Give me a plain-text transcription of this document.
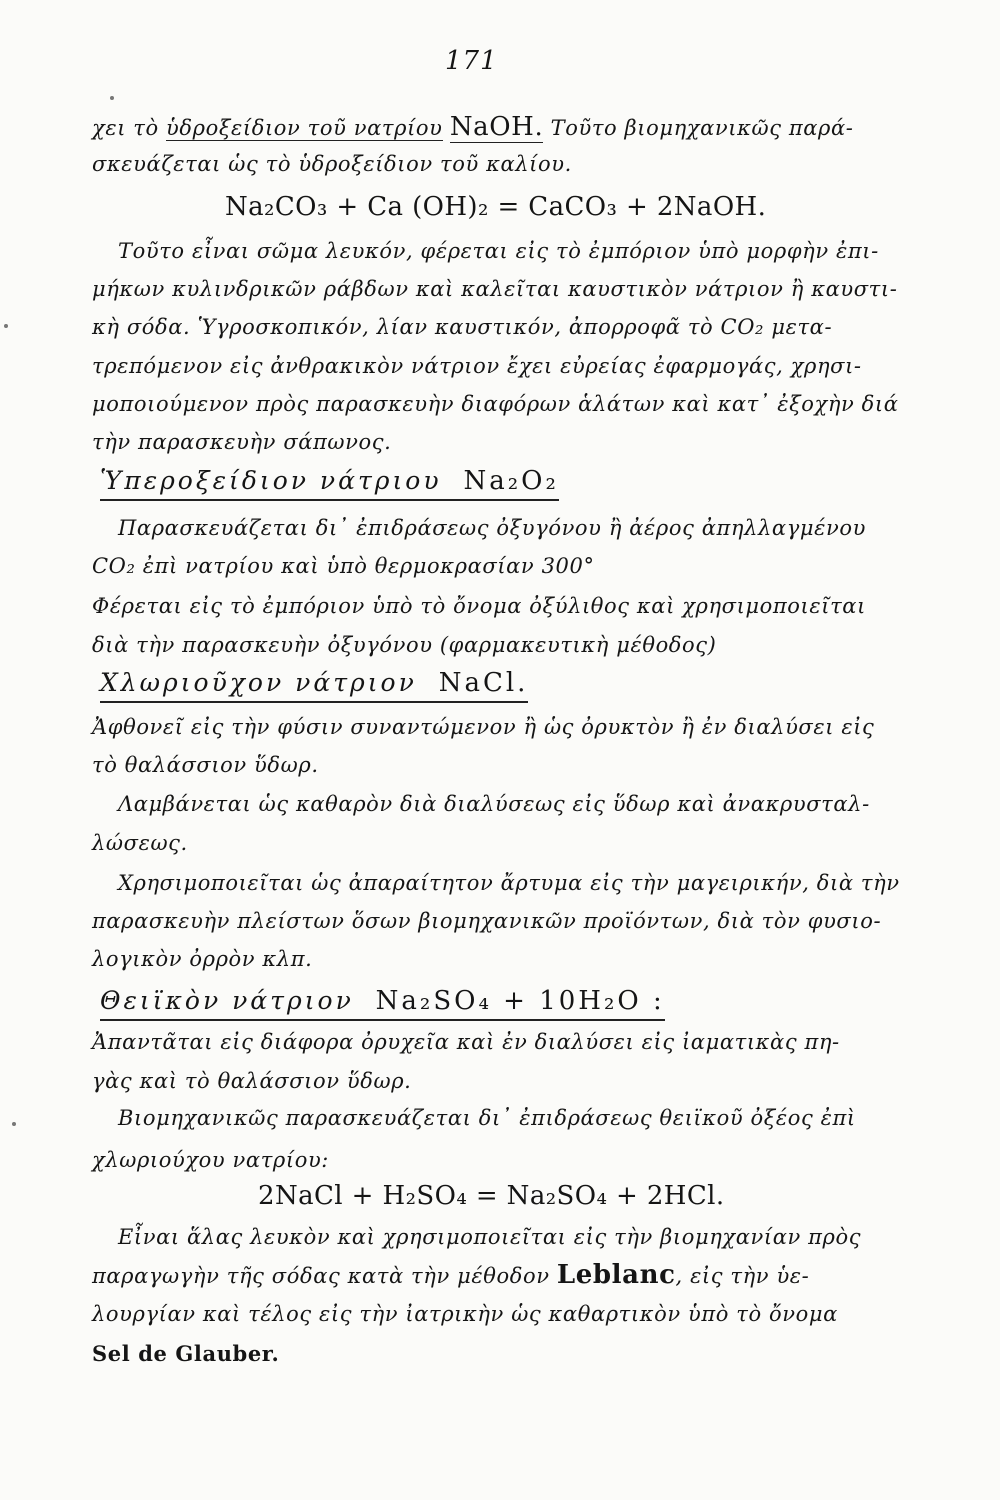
171
χει τὸ ὑδροξείδιον τοῦ νατρίου NaOH. Τοῦτο βιομηχανικῶς παρά-
σκευάζεται ὡς τὸ ὑδροξείδιον τοῦ καλίου.
Na₂CO₃ + Ca (OH)₂ = CaCO₃ + 2NaOH.
Τοῦτο εἶναι σῶμα λευκόν, φέρεται εἰς τὸ ἐμπόριον ὑπὸ μορφὴν ἐπι-
μήκων κυλινδρικῶν ράβδων καὶ καλεῖται καυστικὸν νάτριον ἢ καυστι-
κὴ σόδα. Ὑγροσκοπικόν, λίαν καυστικόν, ἀπορροφᾶ τὸ CO₂ μετα-
τρεπόμενον εἰς ἀνθρακικὸν νάτριον ἔχει εὐρείας ἐφαρμογάς, χρησι-
μοποιούμενον πρὸς παρασκευὴν διαφόρων ἁλάτων καὶ κατ᾽ ἐξοχὴν διά
τὴν παρασκευὴν σάπωνος.
Ὑπεροξείδιον νάτριου Na₂O₂
Παρασκευάζεται δι᾽ ἐπιδράσεως ὀξυγόνου ἢ ἀέρος ἀπηλλαγμένου
CO₂ ἐπὶ νατρίου καὶ ὑπὸ θερμοκρασίαν 300°
Φέρεται εἰς τὸ ἐμπόριον ὑπὸ τὸ ὄνομα ὀξύλιθος καὶ χρησιμοποιεῖται
διὰ τὴν παρασκευὴν ὀξυγόνου (φαρμακευτικὴ μέθοδος)
Χλωριοῦχον νάτριον NaCl.
Ἀφθονεῖ εἰς τὴν φύσιν συναντώμενον ἢ ὡς ὀρυκτὸν ἢ ἐν διαλύσει εἰς
τὸ θαλάσσιον ὕδωρ.
Λαμβάνεται ὡς καθαρὸν διὰ διαλύσεως εἰς ὕδωρ καὶ ἀνακρυσταλ-
λώσεως.
Χρησιμοποιεῖται ὡς ἀπαραίτητον ἄρτυμα εἰς τὴν μαγειρικήν, διὰ τὴν
παρασκευὴν πλείστων ὅσων βιομηχανικῶν προϊόντων, διὰ τὸν φυσιο-
λογικὸν ὀρρὸν κλπ.
Θειϊκὸν νάτριον Na₂SO₄ + 10H₂O :
Ἀπαντᾶται εἰς διάφορα ὀρυχεῖα καὶ ἐν διαλύσει εἰς ἰαματικὰς πη-
γὰς καὶ τὸ θαλάσσιον ὕδωρ.
Βιομηχανικῶς παρασκευάζεται δι᾽ ἐπιδράσεως θειϊκοῦ ὀξέος ἐπὶ
χλωριούχου νατρίου:
2NaCl + H₂SO₄ = Na₂SO₄ + 2HCl.
Εἶναι ἅλας λευκὸν καὶ χρησιμοποιεῖται εἰς τὴν βιομηχανίαν πρὸς
παραγωγὴν τῆς σόδας κατὰ τὴν μέθοδον Leblanc, εἰς τὴν ὑε-
λουργίαν καὶ τέλος εἰς τὴν ἰατρικὴν ὡς καθαρτικὸν ὑπὸ τὸ ὄνομα
Sel de Glauber.
